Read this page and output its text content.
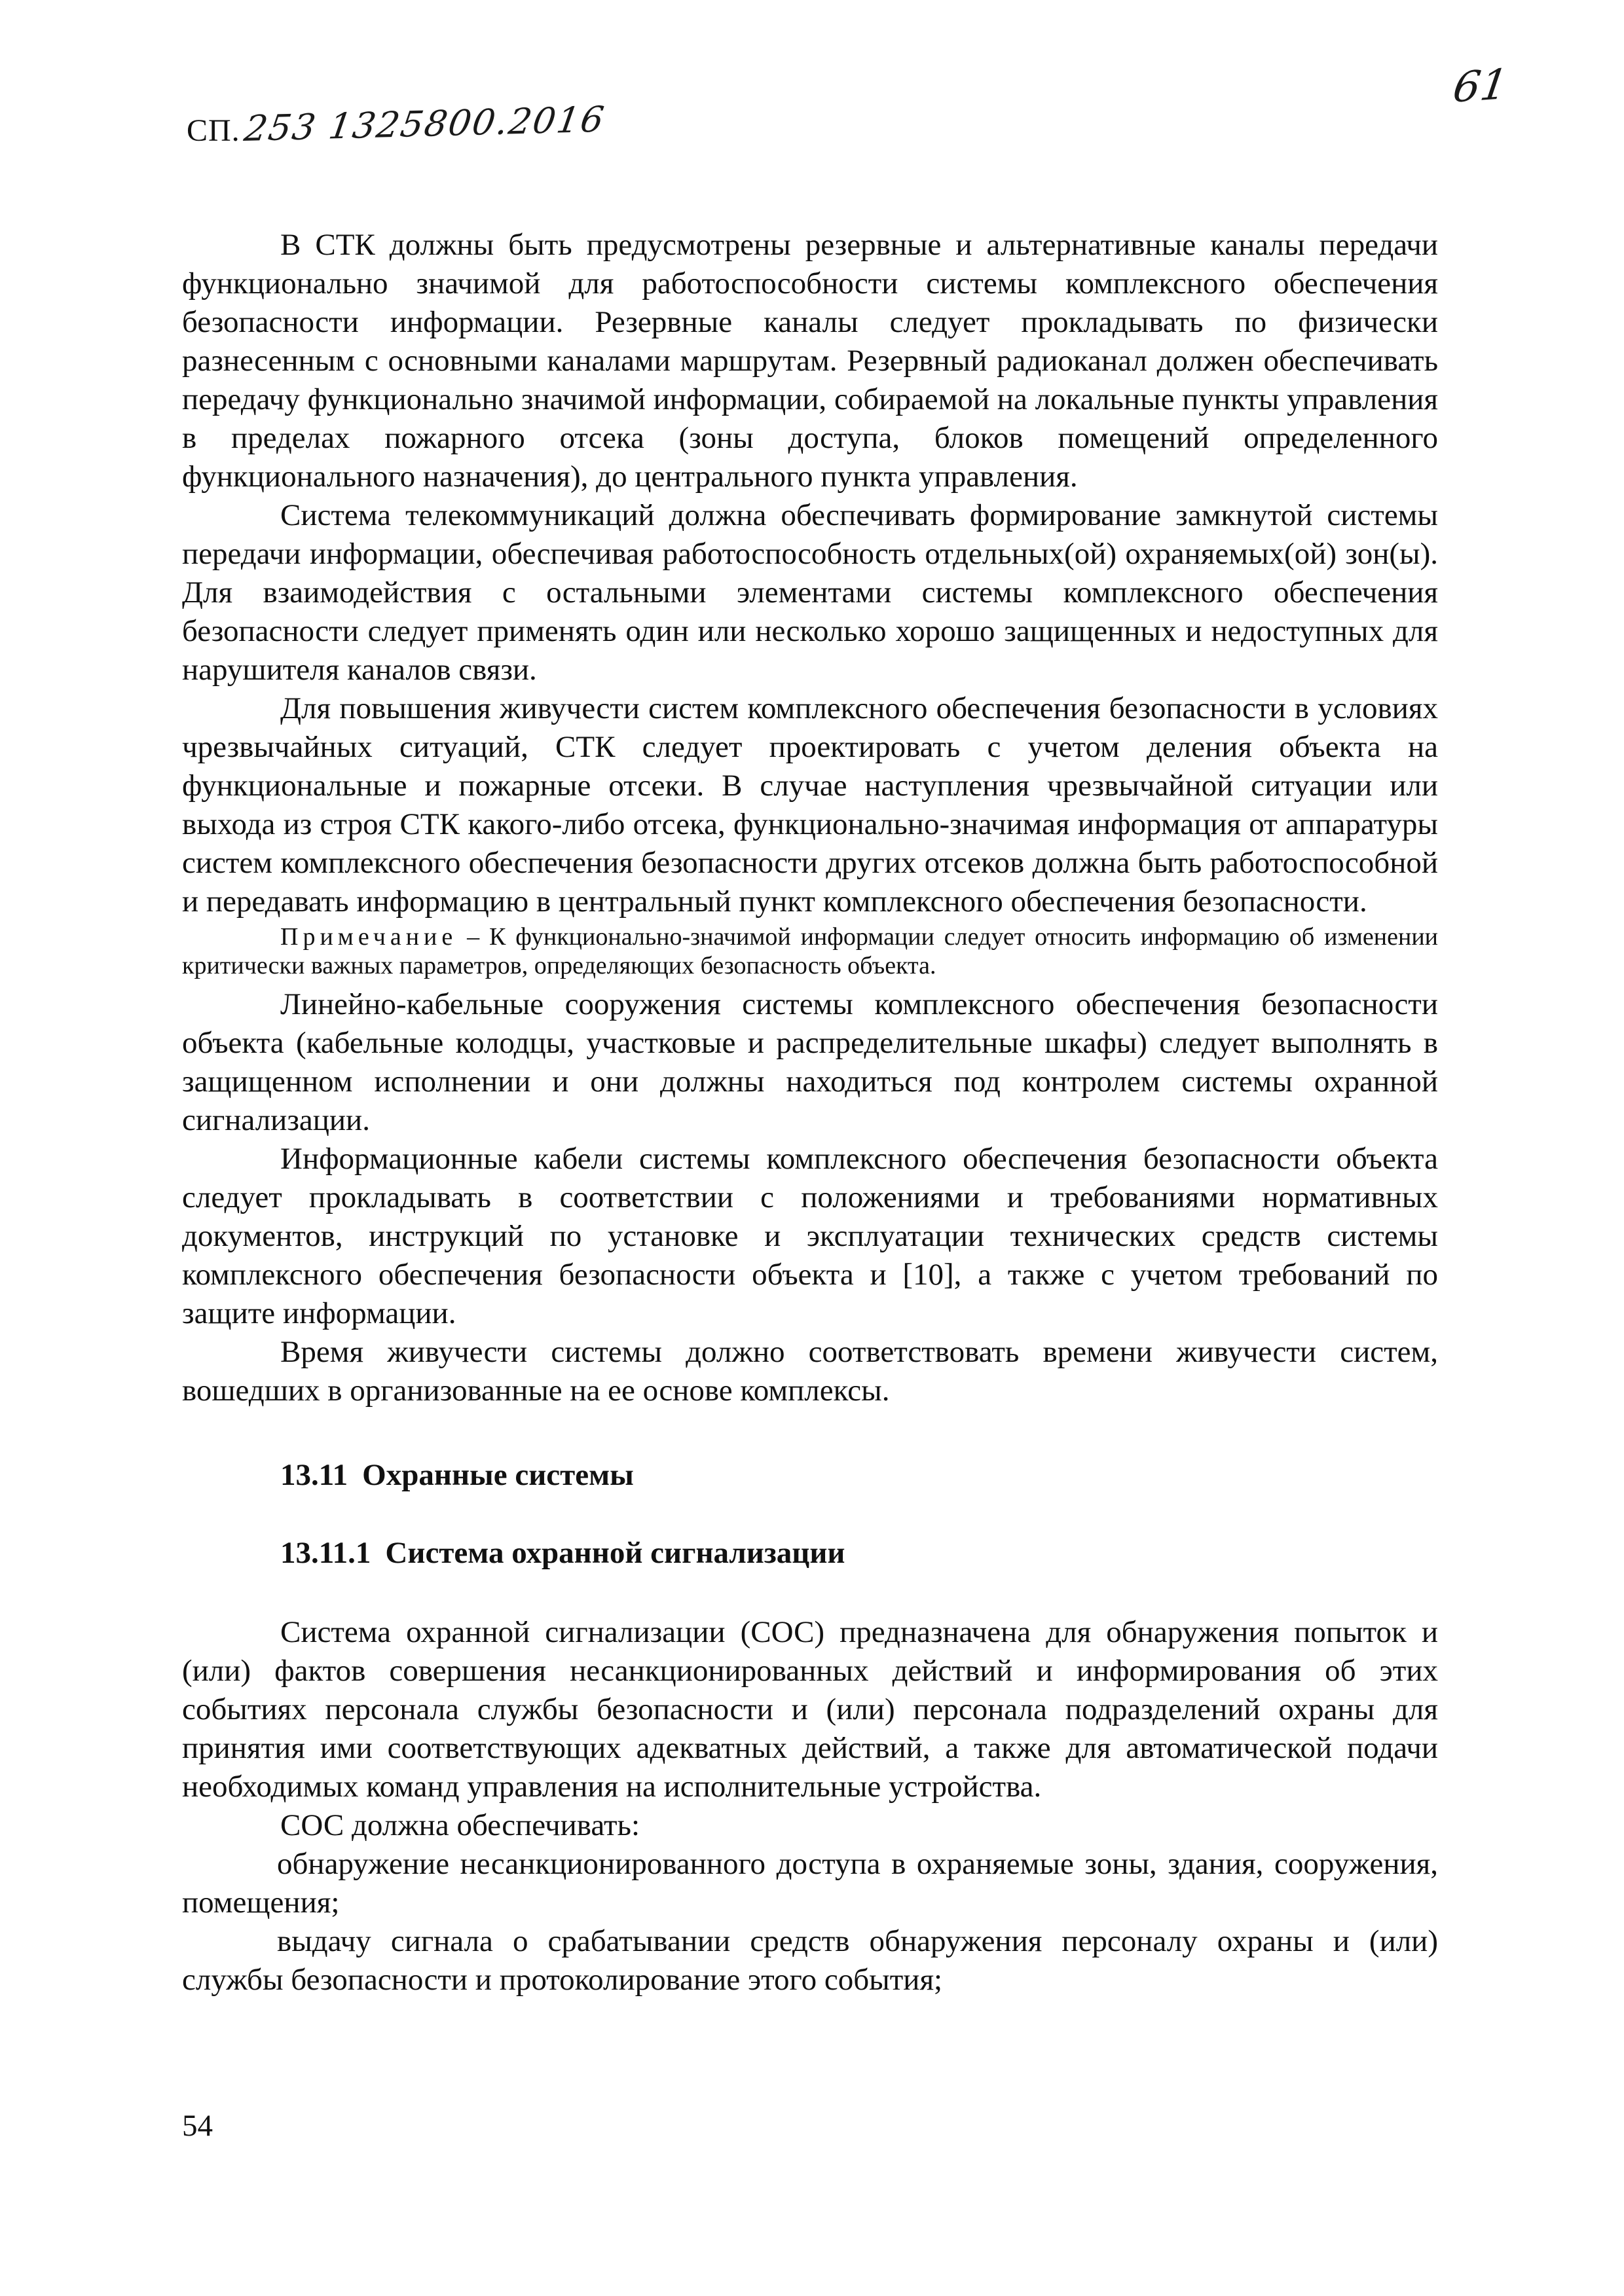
СП. 253 1325800.2016
61

В СТК должны быть предусмотрены резервные и альтернативные каналы передачи функционально значимой для работоспособности системы комплексного обеспечения безопасности информации. Резервные каналы следует прокладывать по физически разнесенным с основными каналами маршрутам. Резервный радиоканал должен обеспечивать передачу функционально значимой информации, собираемой на локальные пункты управления в пределах пожарного отсека (зоны доступа, блоков помещений определенного функционального назначения), до центрального пункта управления.

Система телекоммуникаций должна обеспечивать формирование замкнутой системы передачи информации, обеспечивая работоспособность отдельных(ой) охраняемых(ой) зон(ы). Для взаимодействия с остальными элементами системы комплексного обеспечения безопасности следует применять один или несколько хорошо защищенных и недоступных для нарушителя каналов связи.

Для повышения живучести систем комплексного обеспечения безопасности в условиях чрезвычайных ситуаций, СТК следует проектировать с учетом деления объекта на функциональные и пожарные отсеки. В случае наступления чрезвычайной ситуации или выхода из строя СТК какого-либо отсека, функционально-значимая информация от аппаратуры систем комплексного обеспечения безопасности других отсеков должна быть работоспособной и передавать информацию в центральный пункт комплексного обеспечения безопасности.

Примечание – К функционально-значимой информации следует относить информацию об изменении критически важных параметров, определяющих безопасность объекта.

Линейно-кабельные сооружения системы комплексного обеспечения безопасности объекта (кабельные колодцы, участковые и распределительные шкафы) следует выполнять в защищенном исполнении и они должны находиться под контролем системы охранной сигнализации.

Информационные кабели системы комплексного обеспечения безопасности объекта следует прокладывать в соответствии с положениями и требованиями нормативных документов, инструкций по установке и эксплуатации технических средств системы комплексного обеспечения безопасности объекта и [10], а также с учетом требований по защите информации.

Время живучести системы должно соответствовать времени живучести систем, вошедших в организованные на ее основе комплексы.

13.11 Охранные системы
13.11.1 Система охранной сигнализации

Система охранной сигнализации (СОС) предназначена для обнаружения попыток и (или) фактов совершения несанкционированных действий и информирования об этих событиях персонала службы безопасности и (или) персонала подразделений охраны для принятия ими соответствующих адекватных действий, а также для автоматической подачи необходимых команд управления на исполнительные устройства.

СОС должна обеспечивать:

обнаружение несанкционированного доступа в охраняемые зоны, здания, сооружения, помещения;

выдачу сигнала о срабатывании средств обнаружения персоналу охраны и (или) службы безопасности и протоколирование этого события;

54
